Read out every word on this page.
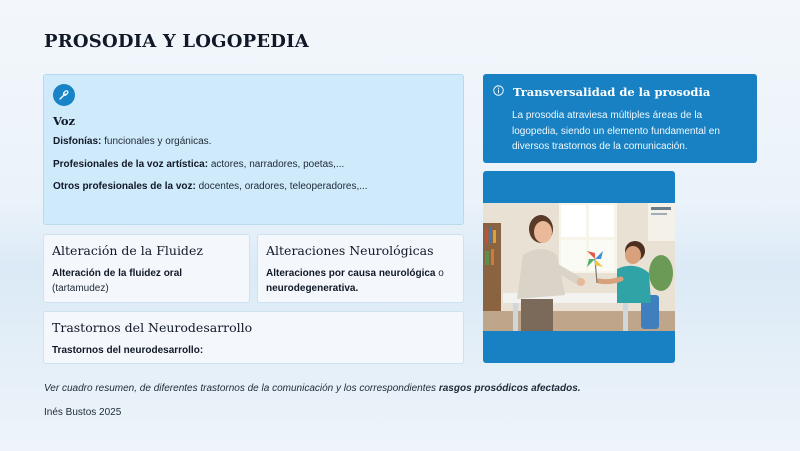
PROSODIA Y LOGOPEDIA
Voz
Disfonías: funcionales y orgánicas.
Profesionales de la voz artística: actores, narradores, poetas,...
Otros profesionales de la voz: docentes, oradores, teleoperadores,...
Alteración de la Fluidez
Alteración de la fluidez oral (tartamudez)
Alteraciones Neurológicas
Alteraciones por causa neurológica o neurodegenerativa.
Trastornos del Neurodesarrollo
Trastornos del neurodesarrollo:
Transversalidad de la prosodia

La prosodia atraviesa múltiples áreas de la logopedia, siendo un elemento fundamental en diversos trastornos de la comunicación.

Ver cuadro resumen, de diferentes trastornos de la comunicación y los correspondientes rasgos prosódicos afectados.
Inés Bustos 2025
